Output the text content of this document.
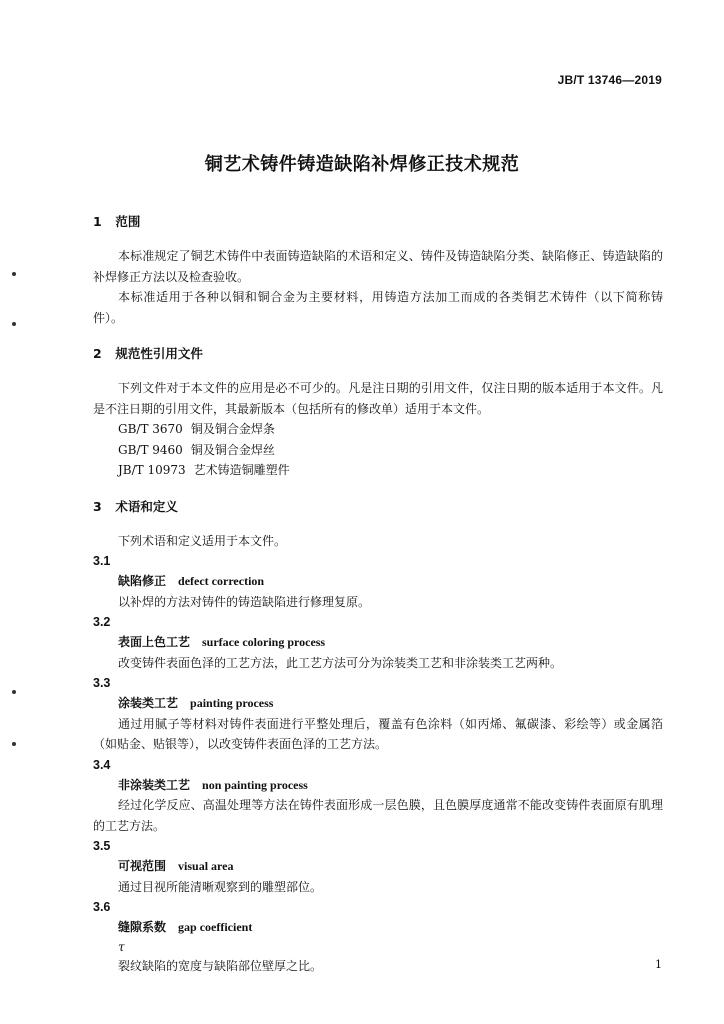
JB/T 13746—2019
铜艺术铸件铸造缺陷补焊修正技术规范
1 范围

本标准规定了铜艺术铸件中表面铸造缺陷的术语和定义、铸件及铸造缺陷分类、缺陷修正、铸造缺陷的补焊修正方法以及检查验收。

本标准适用于各种以铜和铜合金为主要材料，用铸造方法加工而成的各类铜艺术铸件（以下简称铸件）。

2 规范性引用文件

下列文件对于本文件的应用是必不可少的。凡是注日期的引用文件，仅注日期的版本适用于本文件。凡是不注日期的引用文件，其最新版本（包括所有的修改单）适用于本文件。

GB/T 3670 铜及铜合金焊条
GB/T 9460 铜及铜合金焊丝
JB/T 10973 艺术铸造铜雕塑件
3 术语和定义

下列术语和定义适用于本文件。

3.1
缺陷修正 defect correction

以补焊的方法对铸件的铸造缺陷进行修理复原。

3.2
表面上色工艺 surface coloring process

改变铸件表面色泽的工艺方法，此工艺方法可分为涂装类工艺和非涂装类工艺两种。

3.3
涂装类工艺 painting process

通过用腻子等材料对铸件表面进行平整处理后，覆盖有色涂料（如丙烯、氟碳漆、彩绘等）或金属箔（如贴金、贴银等），以改变铸件表面色泽的工艺方法。

3.4
非涂装类工艺 non painting process

经过化学反应、高温处理等方法在铸件表面形成一层色膜，且色膜厚度通常不能改变铸件表面原有肌理的工艺方法。

3.5
可视范围 visual area

通过目视所能清晰观察到的雕塑部位。

3.6
缝隙系数 gap coefficient
τ

裂纹缺陷的宽度与缺陷部位壁厚之比。	1
